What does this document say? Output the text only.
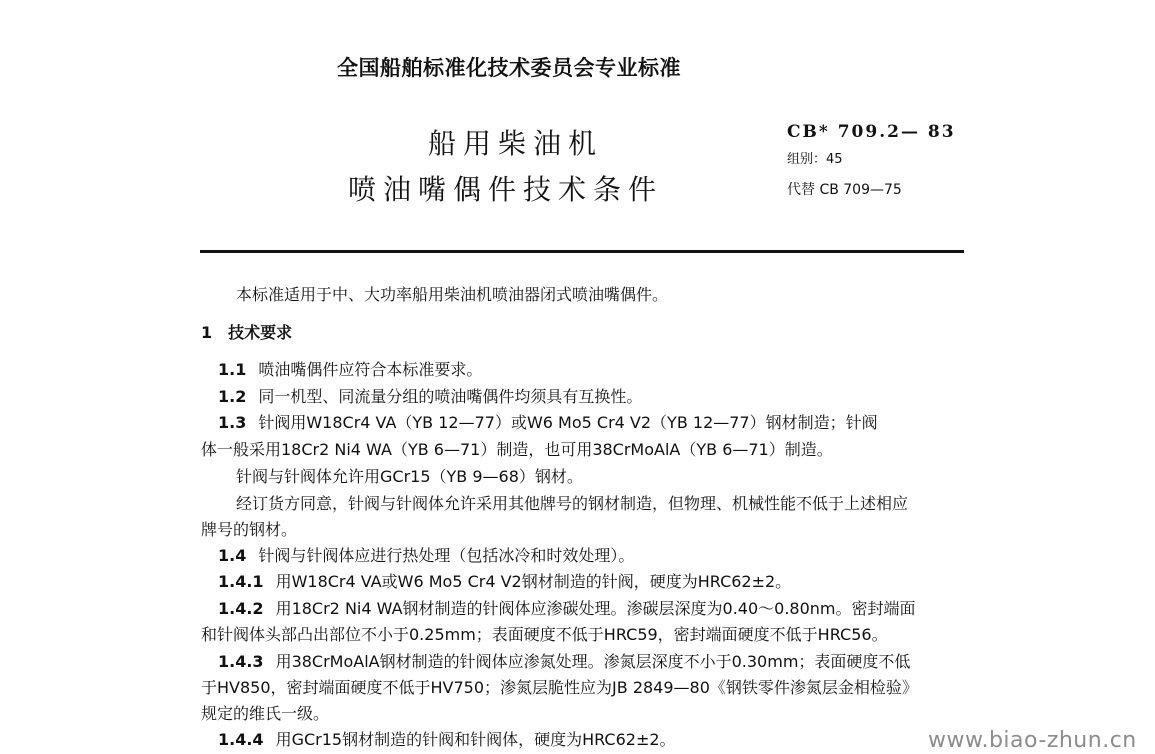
全国船舶标准化技术委员会专业标准
船用柴油机
喷油嘴偶件技术条件
CB* 709.2— 83
组别：45
代替 CB 709—75
本标准适用于中、大功率船用柴油机喷油器闭式喷油嘴偶件。
1 技术要求
1.1 喷油嘴偶件应符合本标准要求。
1.2 同一机型、同流量分组的喷油嘴偶件均须具有互换性。
1.3 针阀用W18Cr4 VA（YB 12—77）或W6 Mo5 Cr4 V2（YB 12—77）钢材制造；针阀
体一般采用18Cr2 Ni4 WA（YB 6—71）制造，也可用38CrMoAlA（YB 6—71）制造。
针阀与针阀体允许用GCr15（YB 9—68）钢材。
经订货方同意，针阀与针阀体允许采用其他牌号的钢材制造，但物理、机械性能不低于上述相应
牌号的钢材。
1.4 针阀与针阀体应进行热处理（包括冰冷和时效处理）。
1.4.1 用W18Cr4 VA或W6 Mo5 Cr4 V2钢材制造的针阀，硬度为HRC62±2。
1.4.2 用18Cr2 Ni4 WA钢材制造的针阀体应渗碳处理。渗碳层深度为0.40～0.80nm。密封端面
和针阀体头部凸出部位不小于0.25mm；表面硬度不低于HRC59，密封端面硬度不低于HRC56。
1.4.3 用38CrMoAlA钢材制造的针阀体应渗氮处理。渗氮层深度不小于0.30mm；表面硬度不低
于HV850，密封端面硬度不低于HV750；渗氮层脆性应为JB 2849—80《钢铁零件渗氮层金相检验》
规定的维氏一级。
1.4.4 用GCr15钢材制造的针阀和针阀体，硬度为HRC62±2。	www.biao-zhun.cn
